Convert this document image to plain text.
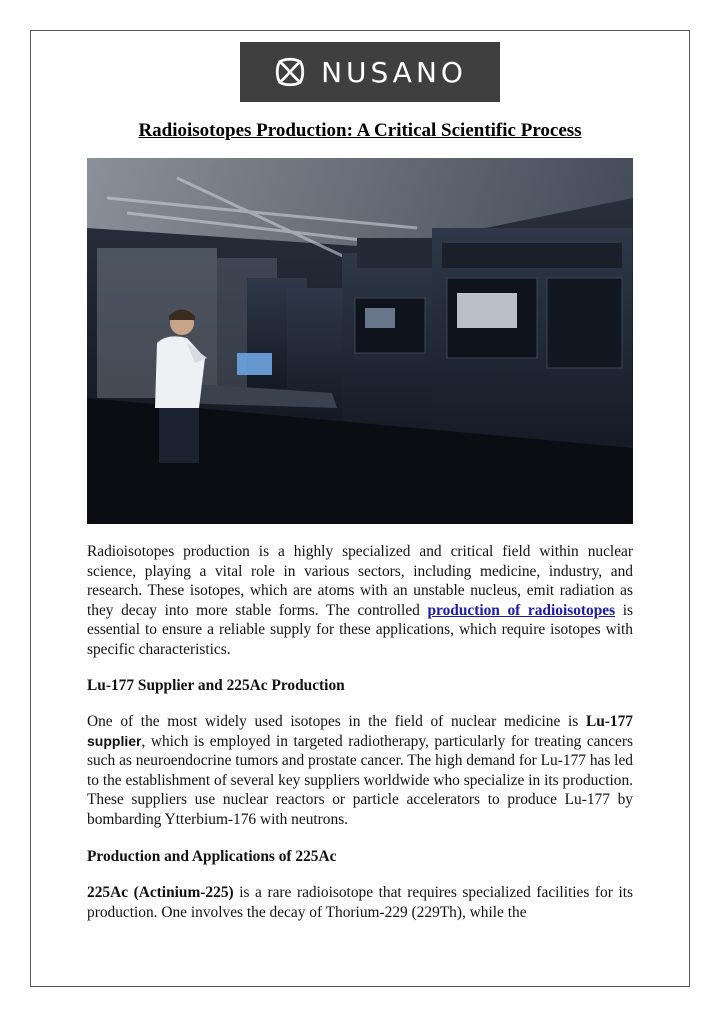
NUSANO
Radioisotopes Production: A Critical Scientific Process

Radioisotopes production is a highly specialized and critical field within nuclear science, playing a vital role in various sectors, including medicine, industry, and research. These isotopes, which are atoms with an unstable nucleus, emit radiation as they decay into more stable forms. The controlled production of radioisotopes is essential to ensure a reliable supply for these applications, which require isotopes with specific characteristics.

Lu-177 Supplier and 225Ac Production

One of the most widely used isotopes in the field of nuclear medicine is Lu-177 supplier, which is employed in targeted radiotherapy, particularly for treating cancers such as neuroendocrine tumors and prostate cancer. The high demand for Lu-177 has led to the establishment of several key suppliers worldwide who specialize in its production. These suppliers use nuclear reactors or particle accelerators to produce Lu-177 by bombarding Ytterbium-176 with neutrons.

Production and Applications of 225Ac

225Ac (Actinium-225) is a rare radioisotope that requires specialized facilities for its production. One involves the decay of Thorium-229 (229Th), while the
